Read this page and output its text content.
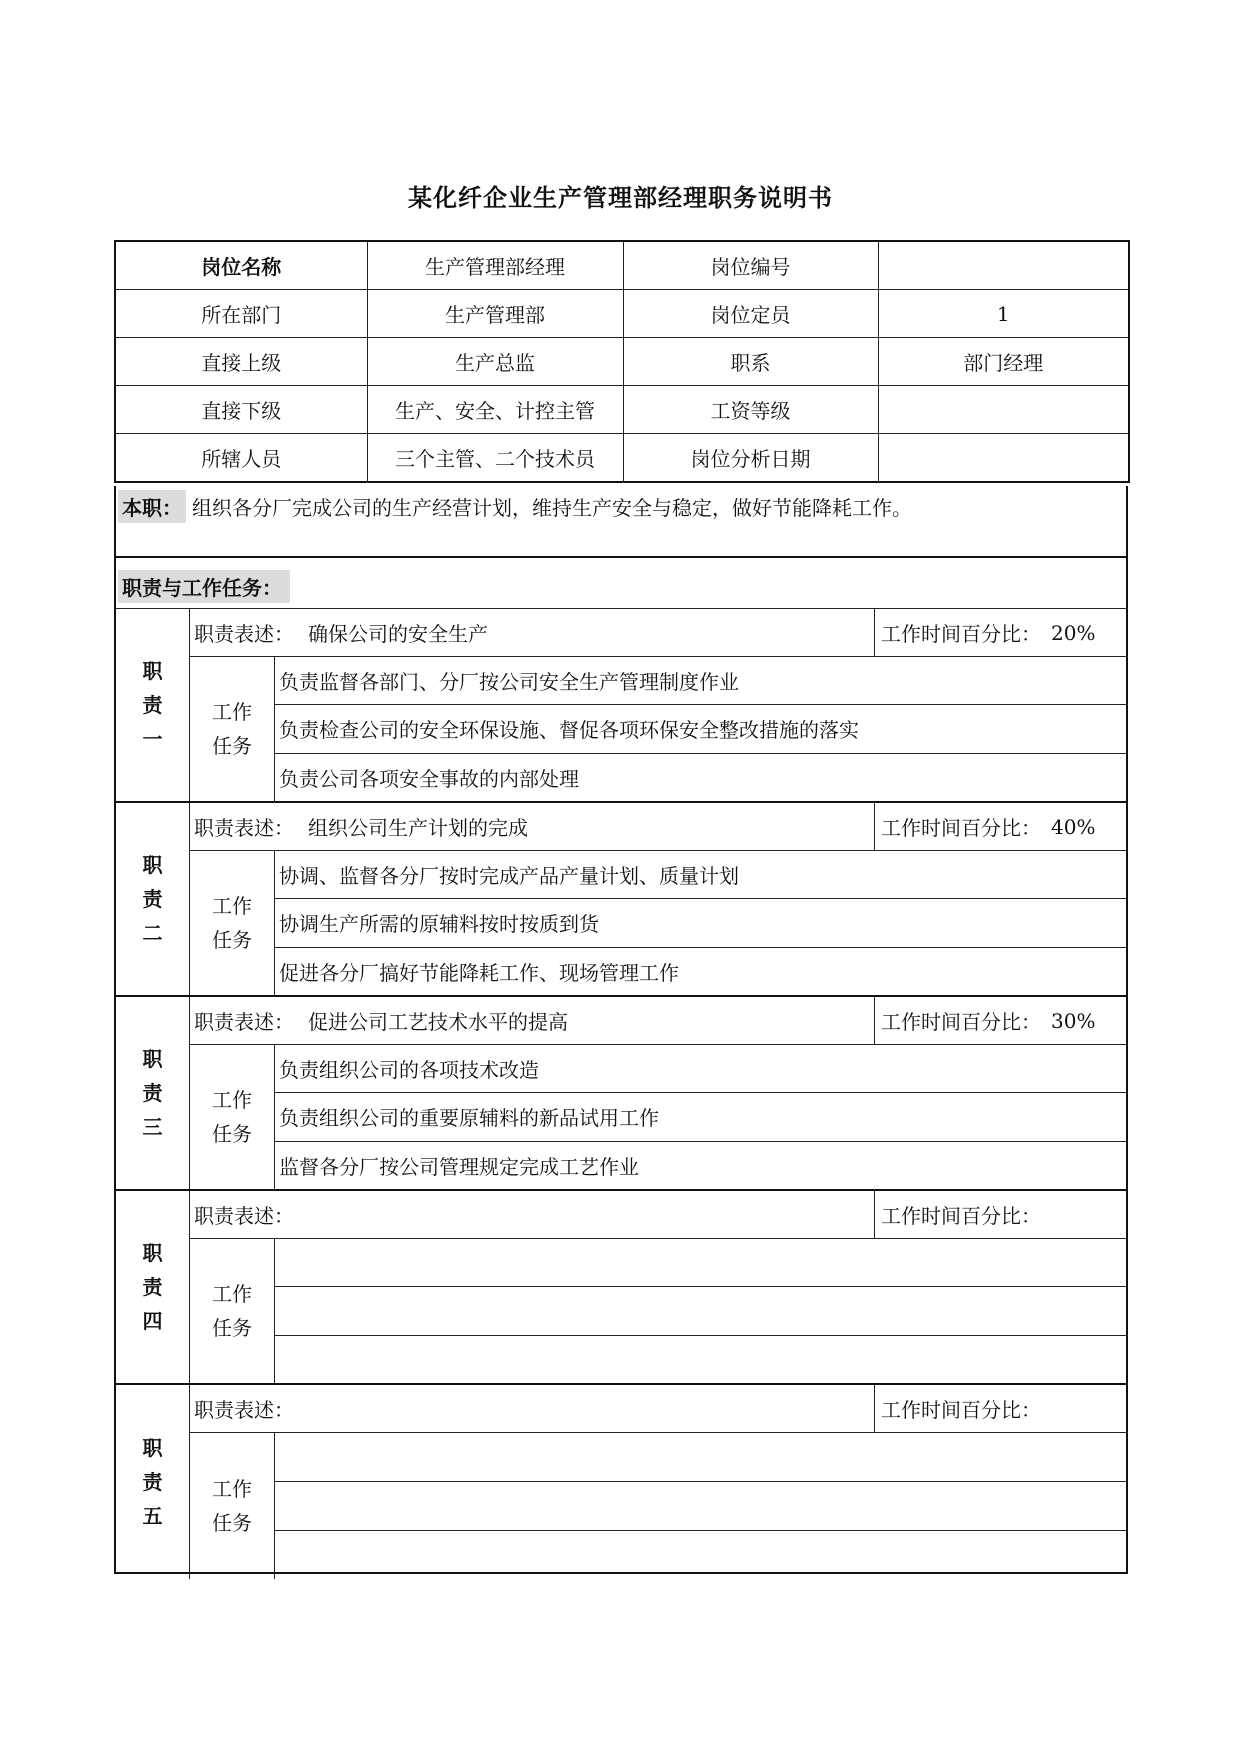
某化纤企业生产管理部经理职务说明书
岗位名称	生产管理部经理	岗位编号	
所在部门	生产管理部	岗位定员	1
直接上级	生产总监	职系	部门经理
直接下级	生产、安全、计控主管	工资等级	
所辖人员	三个主管、二个技术员	岗位分析日期	
本职： 组织各分厂完成公司的生产经营计划，维持生产安全与稳定，做好节能降耗工作。
职责与工作任务：
职
责
一
职责表述： 确保公司的安全生产	工作时间百分比： 20%
工作
任务
负责监督各部门、分厂按公司安全生产管理制度作业
负责检查公司的安全环保设施、督促各项环保安全整改措施的落实
负责公司各项安全事故的内部处理
职
责
二
职责表述： 组织公司生产计划的完成	工作时间百分比： 40%
工作
任务
协调、监督各分厂按时完成产品产量计划、质量计划
协调生产所需的原辅料按时按质到货
促进各分厂搞好节能降耗工作、现场管理工作
职
责
三
职责表述： 促进公司工艺技术水平的提高	工作时间百分比： 30%
工作
任务
负责组织公司的各项技术改造
负责组织公司的重要原辅料的新品试用工作
监督各分厂按公司管理规定完成工艺作业
职
责
四
职责表述：	工作时间百分比：
工作
任务
职
责
五
职责表述：	工作时间百分比：
工作
任务
